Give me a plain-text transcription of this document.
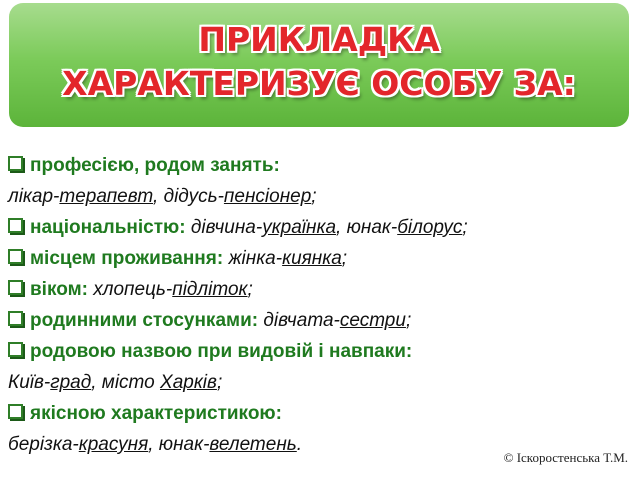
ПРИКЛАДКА
ХАРАКТЕРИЗУЄ ОСОБУ ЗА:
професією, родом занять:
лікар-терапевт, дідусь-пенсіонер;
національністю: дівчина-українка, юнак-білорус;
місцем проживання: жінка-киянка;
віком: хлопець-підліток;
родинними стосунками: дівчата-сестри;
родовою назвою при видовій і навпаки:
Київ-град, місто Харків;
якісною характеристикою:
берізка-красуня, юнак-велетень.
© Іскоростенська Т.М.
